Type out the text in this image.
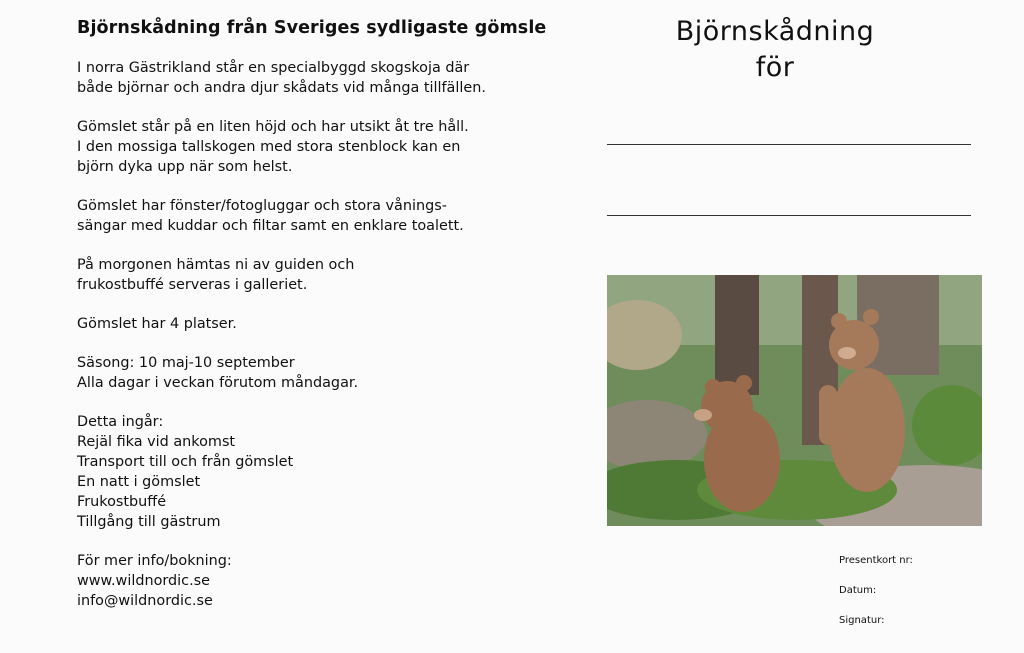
Björnskådning från Sveriges sydligaste gömsle

I norra Gästrikland står en specialbyggd skogskoja där
både björnar och andra djur skådats vid många tillfällen.

Gömslet står på en liten höjd och har utsikt åt tre håll.
I den mossiga tallskogen med stora stenblock kan en
björn dyka upp när som helst.

Gömslet har fönster/fotogluggar och stora vånings-
sängar med kuddar och filtar samt en enklare toalett.

På morgonen hämtas ni av guiden och
frukostbuffé serveras i galleriet.

Gömslet har 4 platser.

Säsong: 10 maj-10 september
Alla dagar i veckan förutom måndagar.

Detta ingår:
Rejäl fika vid ankomst
Transport till och från gömslet
En natt i gömslet
Frukostbuffé
Tillgång till gästrum

För mer info/bokning:
www.wildnordic.se
info@wildnordic.se

Björnskådning
för
Presentkort nr:
Datum:
Signatur:
